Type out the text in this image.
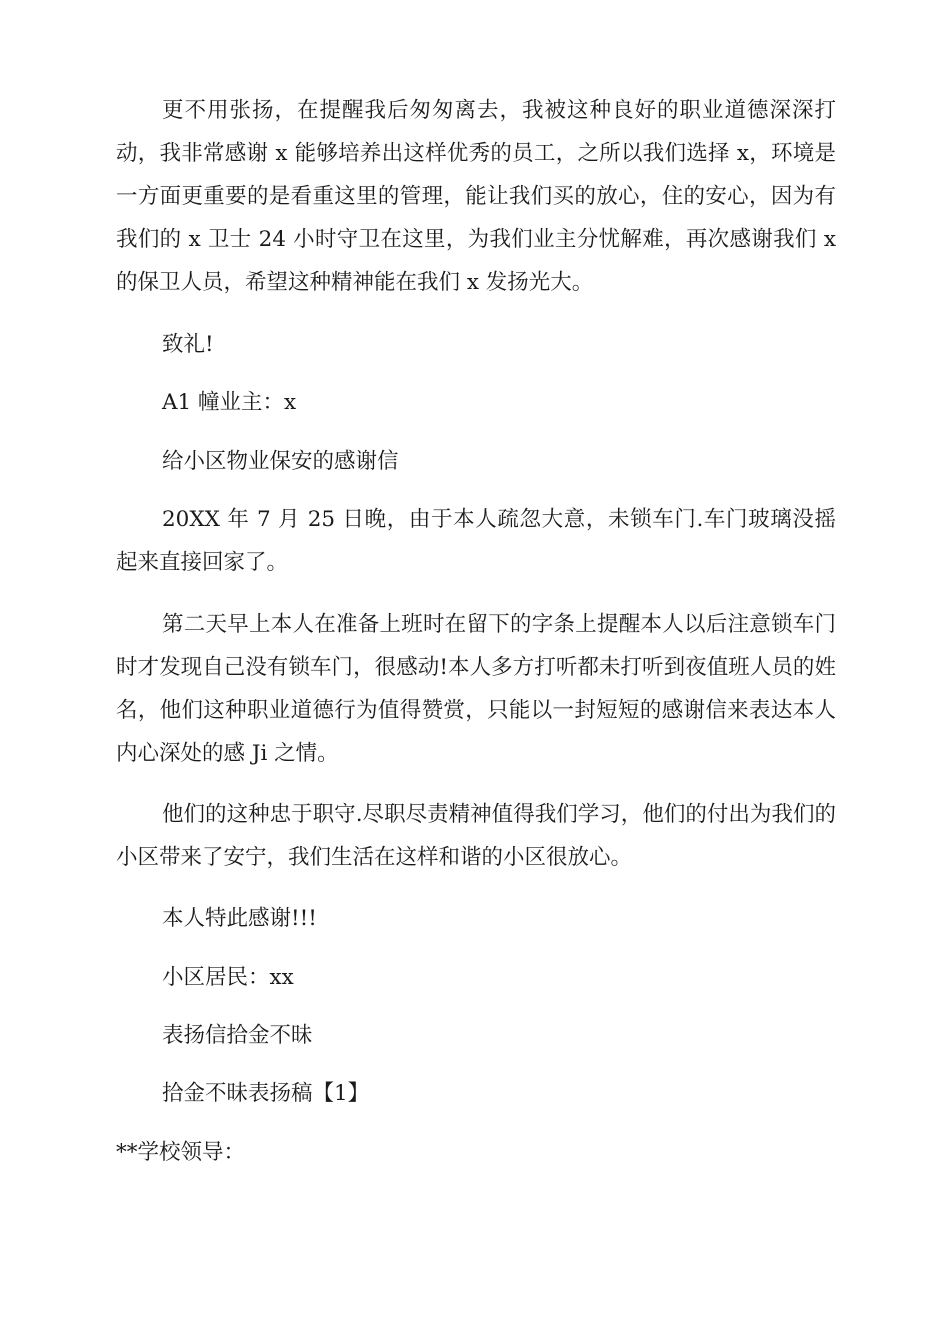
更不用张扬，在提醒我后匆匆离去，我被这种良好的职业道德深深打动，我非常感谢 x 能够培养出这样优秀的员工，之所以我们选择 x，环境是一方面更重要的是看重这里的管理，能让我们买的放心，住的安心，因为有我们的 x 卫士 24 小时守卫在这里，为我们业主分忧解难，再次感谢我们 x 的保卫人员，希望这种精神能在我们 x 发扬光大。

致礼!

A1 幢业主：x

给小区物业保安的感谢信

20XX 年 7 月 25 日晚，由于本人疏忽大意，未锁车门.车门玻璃没摇起来直接回家了。

第二天早上本人在准备上班时在留下的字条上提醒本人以后注意锁车门时才发现自己没有锁车门，很感动!本人多方打听都未打听到夜值班人员的姓名，他们这种职业道德行为值得赞赏，只能以一封短短的感谢信来表达本人内心深处的感 Ji 之情。

他们的这种忠于职守.尽职尽责精神值得我们学习，他们的付出为我们的小区带来了安宁，我们生活在这样和谐的小区很放心。

本人特此感谢!!!

小区居民：xx

表扬信拾金不昧

拾金不昧表扬稿【1】

**学校领导：
